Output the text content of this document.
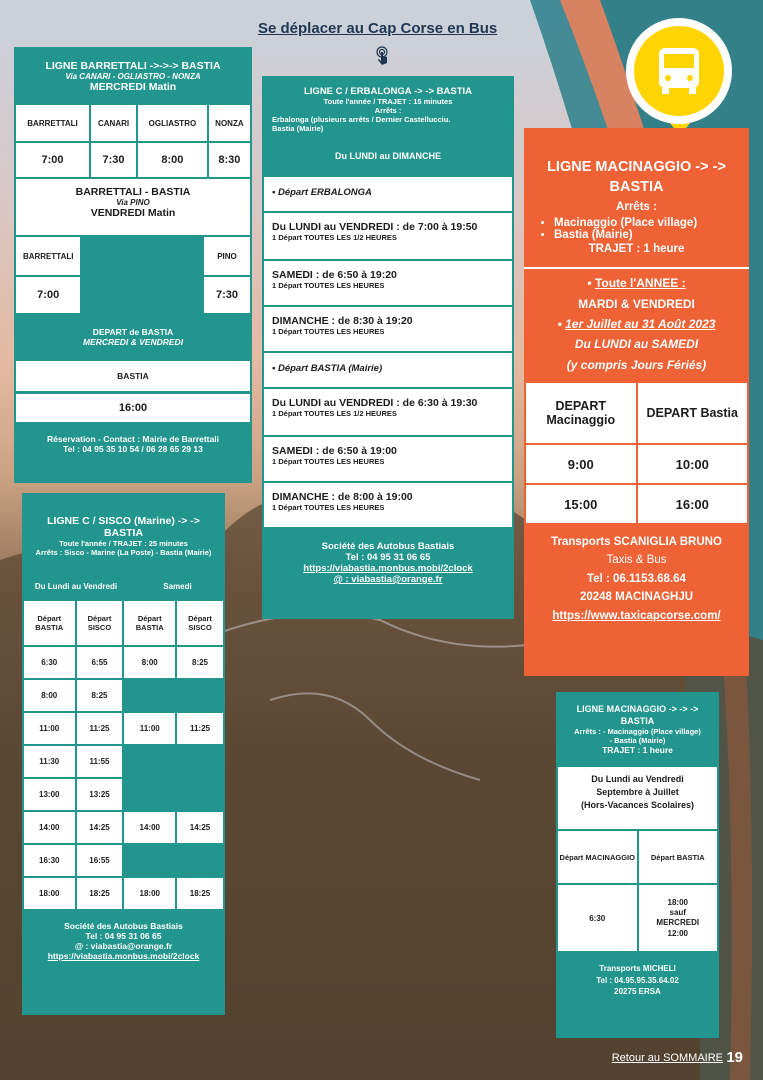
Se déplacer au Cap Corse en Bus
LIGNE BARRETTALI ->->-> BASTIA
Via CANARI - OGLIASTRO - NONZA
MERCREDI Matin
BARRETTALI	CANARI	OGLIASTRO	NONZA
7:00	7:30	8:00	8:30
BARRETTALI - BASTIA
Via PINO
VENDREDI Matin
BARRETTALI		PINO
7:00		7:30
DEPART de BASTIA
MERCREDI & VENDREDI
BASTIA
16:00
Réservation - Contact : Mairie de Barrettali
Tel : 04 95 35 10 54 / 06 28 65 29 13
LIGNE C / SISCO (Marine) -> -> BASTIA
Toute l'année / TRAJET : 25 minutes
Arrêts : Sisco - Marine (La Poste) - Bastia (Mairie)
Du Lundi au Vendredi	Samedi
Départ BASTIA	Départ SISCO	Départ BASTIA	Départ SISCO
6:30	6:55	8:00	8:25
8:00	8:25		
11:00	11:25	11:00	11:25
11:30	11:55		
13:00	13:25		
14:00	14:25	14:00	14:25
16:30	16:55		
18:00	18:25	18:00	18:25
Société des Autobus Bastiais
Tel : 04 95 31 06 65
@ : viabastia@orange.fr
https://viabastia.monbus.mobi/2clock
LIGNE C / ERBALONGA -> -> BASTIA
Toute l'année / TRAJET : 15 minutes
Arrêts :
Erbalonga (plusieurs arrêts / Dernier Castellucciu.
Bastia (Mairie)
Du LUNDI au DIMANCHE
• Départ ERBALONGA
Du LUNDI au VENDREDI : de 7:00 à 19:50
1 Départ TOUTES LES 1/2 HEURES
SAMEDI : de 6:50 à 19:20
1 Départ TOUTES LES HEURES
DIMANCHE : de 8:30 à 19:20
1 Départ TOUTES LES HEURES
• Départ BASTIA (Mairie)
Du LUNDI au VENDREDI : de 6:30 à 19:30
1 Départ TOUTES LES 1/2 HEURES
SAMEDI : de 6:50 à 19:00
1 Départ TOUTES LES HEURES
DIMANCHE : de 8:00 à 19:00
1 Départ TOUTES LES HEURES
Société des Autobus Bastiais
Tel : 04 95 31 06 65
https://viabastia.monbus.mobi/2clock
@ : viabastia@orange.fr
LIGNE MACINAGGIO -> -> BASTIA
Arrêts :
• Macinaggio (Place village)
• Bastia (Mairie)
TRAJET : 1 heure
• Toute l'ANNEE :
MARDI & VENDREDI
• 1er Juillet au 31 Août 2023
Du LUNDI au SAMEDI
(y compris Jours Fériés)
DEPART Macinaggio	DEPART Bastia
9:00	10:00
15:00	16:00
Transports SCANIGLIA BRUNO
Taxis & Bus
Tel : 06.1153.68.64
20248 MACINAGHJU
https://www.taxicapcorse.com/
LIGNE MACINAGGIO -> -> -> BASTIA
Arrêts : - Macinaggio (Place village)
- Bastia (Mairie)
TRAJET : 1 heure
Du Lundi au Vendredi
Septembre à Juillet
(Hors-Vacances Scolaires)
Départ MACINAGGIO	Départ BASTIA
6:30	18:00
sauf
MERCREDI
12:00
Transports MICHELI
Tel : 04.95.95.35.64.02
20275 ERSA
Retour au SOMMAIRE 19
